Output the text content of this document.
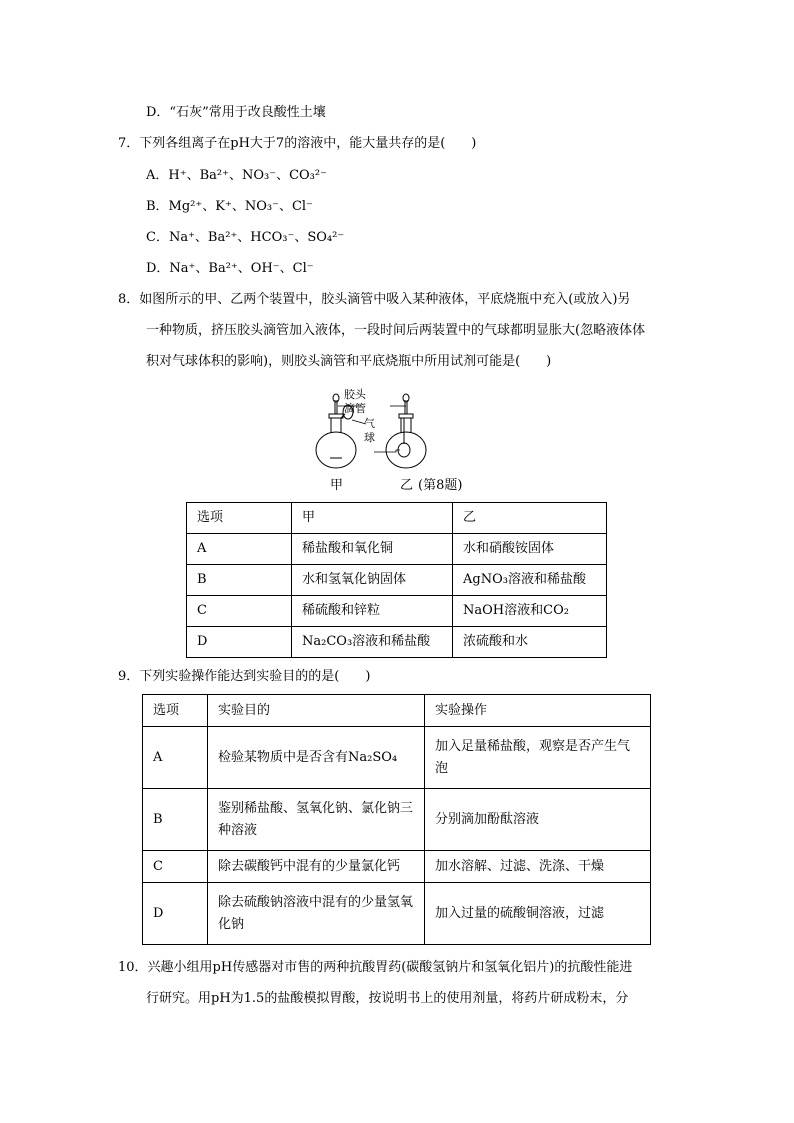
D．“石灰”常用于改良酸性土壤
7．下列各组离子在pH大于7的溶液中，能大量共存的是(　　)
A．H⁺、Ba²⁺、NO₃⁻、CO₃²⁻
B．Mg²⁺、K⁺、NO₃⁻、Cl⁻
C．Na⁺、Ba²⁺、HCO₃⁻、SO₄²⁻
D．Na⁺、Ba²⁺、OH⁻、Cl⁻
8．如图所示的甲、乙两个装置中，胶头滴管中吸入某种液体，平底烧瓶中充入(或放入)另
一种物质，挤压胶头滴管加入液体，一段时间后两装置中的气球都明显胀大(忽略液体体
积对气球体积的影响)，则胶头滴管和平底烧瓶中所用试剂可能是(　　)
胶头
滴管
气
球
甲	乙 (第8题)
选项	甲	乙
A	稀盐酸和氧化铜	水和硝酸铵固体
B	水和氢氧化钠固体	AgNO₃溶液和稀盐酸
C	稀硫酸和锌粒	NaOH溶液和CO₂
D	Na₂CO₃溶液和稀盐酸	浓硫酸和水
9．下列实验操作能达到实验目的的是(　　)
选项	实验目的	实验操作
A	检验某物质中是否含有Na₂SO₄	加入足量稀盐酸，观察是否产生气泡
B	鉴别稀盐酸、氢氧化钠、氯化钠三种溶液	分别滴加酚酞溶液
C	除去碳酸钙中混有的少量氯化钙	加水溶解、过滤、洗涤、干燥
D	除去硫酸钠溶液中混有的少量氢氧化钠	加入过量的硫酸铜溶液，过滤
10．兴趣小组用pH传感器对市售的两种抗酸胃药(碳酸氢钠片和氢氧化铝片)的抗酸性能进
行研究。用pH为1.5的盐酸模拟胃酸，按说明书上的使用剂量，将药片研成粉末，分
